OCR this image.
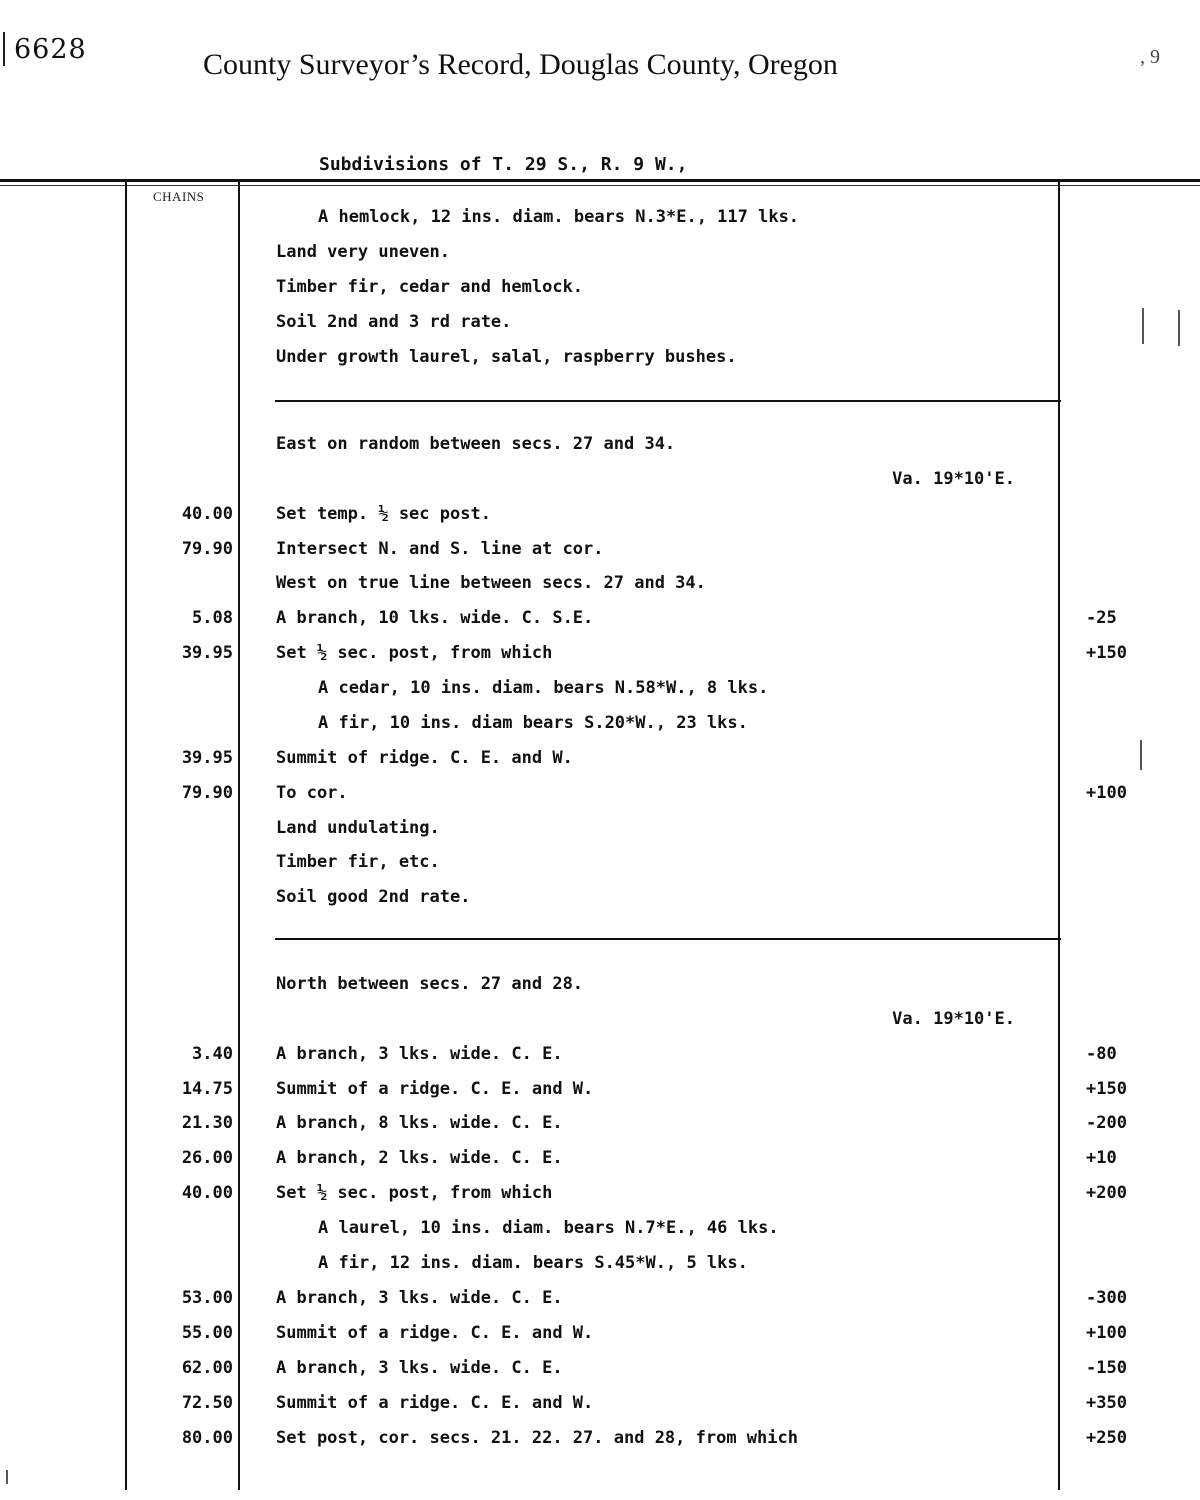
6628	County Surveyor’s Record, Douglas County, Oregon	, 9
Subdivisions of T. 29 S., R. 9 W.,
CHAINS
A hemlock, 12 ins. diam. bears N.3*E., 117 lks.
Land very uneven.
Timber fir, cedar and hemlock.
Soil 2nd and 3 rd rate.
Under growth laurel, salal, raspberry bushes.
East on random between secs. 27 and 34.
Va. 19*10'E.
40.00	Set temp. ½ sec post.
79.90	Intersect N. and S. line at cor.
West on true line between secs. 27 and 34.
5.08	A branch, 10 lks. wide. C. S.E.	-25
39.95	Set ½ sec. post, from which	+150
A cedar, 10 ins. diam. bears N.58*W., 8 lks.
A fir, 10 ins. diam bears S.20*W., 23 lks.
39.95	Summit of ridge. C. E. and W.
79.90	To cor.	+100
Land undulating.
Timber fir, etc.
Soil good 2nd rate.
North between secs. 27 and 28.
Va. 19*10'E.
3.40	A branch, 3 lks. wide. C. E.	-80
14.75	Summit of a ridge. C. E. and W.	+150
21.30	A branch, 8 lks. wide. C. E.	-200
26.00	A branch, 2 lks. wide. C. E.	+10
40.00	Set ½ sec. post, from which	+200
A laurel, 10 ins. diam. bears N.7*E., 46 lks.
A fir, 12 ins. diam. bears S.45*W., 5 lks.
53.00	A branch, 3 lks. wide. C. E.	-300
55.00	Summit of a ridge. C. E. and W.	+100
62.00	A branch, 3 lks. wide. C. E.	-150
72.50	Summit of a ridge. C. E. and W.	+350
80.00	Set post, cor. secs. 21. 22. 27. and 28, from which	+250
